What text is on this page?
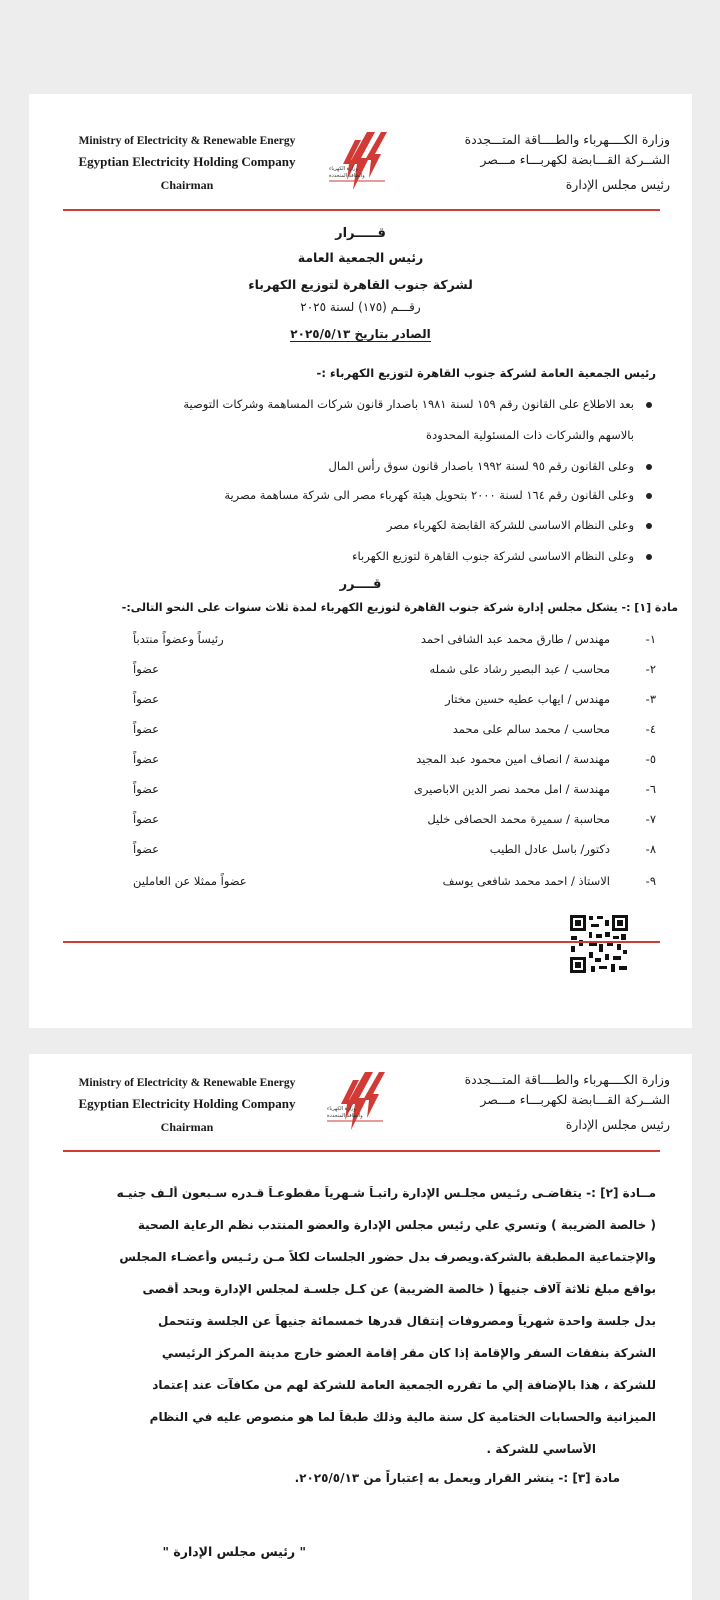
Ministry of Electricity & Renewable Energy
Egyptian Electricity Holding Company
Chairman
وزارة الكهرباء
والطاقة المتجددة
وزارة الكــــهرباء والطــــاقة المتـــجددة
الشــركة القـــابضة لكهربـــاء مـــصر
رئيس مجلس الإدارة
قـــــرار
رئيس الجمعية العامة
لشركة جنوب القاهرة لتوزيع الكهرباء
رقـــم (١٧٥) لسنة ٢٠٢٥
الصادر بتاريخ ٢٠٢٥/٥/١٣
رئيس الجمعية العامة لشركة جنوب القاهرة لتوزيع الكهرباء :-
بعد الاطلاع على القانون رقم ١٥٩ لسنة ١٩٨١ باصدار قانون شركات المساهمة وشركات التوصية
بالاسهم والشركات ذات المسئولية المحدودة
وعلى القانون رقم ٩٥ لسنة ١٩٩٢ باصدار قانون سوق رأس المال
وعلى القانون رقم ١٦٤ لسنة ٢٠٠٠ بتحويل هيئة كهرباء مصر الى شركة مساهمة مصرية
وعلى النظام الاساسى للشركة القابضة لكهرباء مصر
وعلى النظام الاساسى لشركة جنوب القاهرة لتوزيع الكهرباء
قــــرر
مادة [١] :- يشكل مجلس إدارة شركة جنوب القاهرة لتوزيع الكهرباء لمدة ثلاث سنوات على النحو التالى:-
١-
مهندس / طارق محمد عبد الشافى احمد
رئيساً وعضواً منتدباً
٢-
محاسب / عبد البصير رشاد على شمله
عضواً
٣-
مهندس / ايهاب عطيه حسين مختار
عضواً
٤-
محاسب / محمد سالم على محمد
عضواً
٥-
مهندسة / انصاف امين محمود عبد المجيد
عضواً
٦-
مهندسة / امل محمد نصر الدين الاباصيرى
عضواً
٧-
محاسبة / سميرة محمد الحصافى خليل
عضواً
٨-
دكتور/ باسل عادل الطيب
عضواً
٩-
الاستاذ / احمد محمد شافعى يوسف
عضواً ممثلا عن العاملين
Ministry of Electricity & Renewable Energy
Egyptian Electricity Holding Company
Chairman
وزارة الكهرباء
والطاقة المتجددة
وزارة الكــــهرباء والطــــاقة المتـــجددة
الشــركة القـــابضة لكهربـــاء مـــصر
رئيس مجلس الإدارة
مــادة [٢] :- يتقاضـى رئـيس مجلـس الإدارة راتبـاً شـهرياً مقطوعـاً قـدره سـبعون ألـف جنيـه
( خالصة الضريبة ) وتسري علي رئيس مجلس الإدارة والعضو المنتدب نظم الرعاية الصحية
والإجتماعية المطبقة بالشركة.ويصرف بدل حضور الجلسات لكلاً مـن رئـيس وأعضـاء المجلس
بواقع مبلغ ثلاثة آلاف جنيهاً ( خالصة الضريبة) عن كـل جلسـة لمجلس الإدارة وبحد أقصى
بدل جلسة واحدة شهرياً ومصروفات إنتقال قدرها خمسمائة جنيهاً عن الجلسة وتتحمل
الشركة بنفقات السفر والإقامة إذا كان مقر إقامة العضو خارج مدينة المركز الرئيسي
للشركة ، هذا بالإضافة إلي ما تقرره الجمعية العامة للشركة لهم من مكافآت عند إعتماد
الميزانية والحسابات الختامية كل سنة مالية وذلك طبقاً لما هو منصوص عليه في النظام
الأساسي للشركة .
مادة [٣] :- ينشر القرار ويعمل به إعتباراً من ٢٠٢٥/٥/١٣.
" رئيس مجلس الإدارة "
